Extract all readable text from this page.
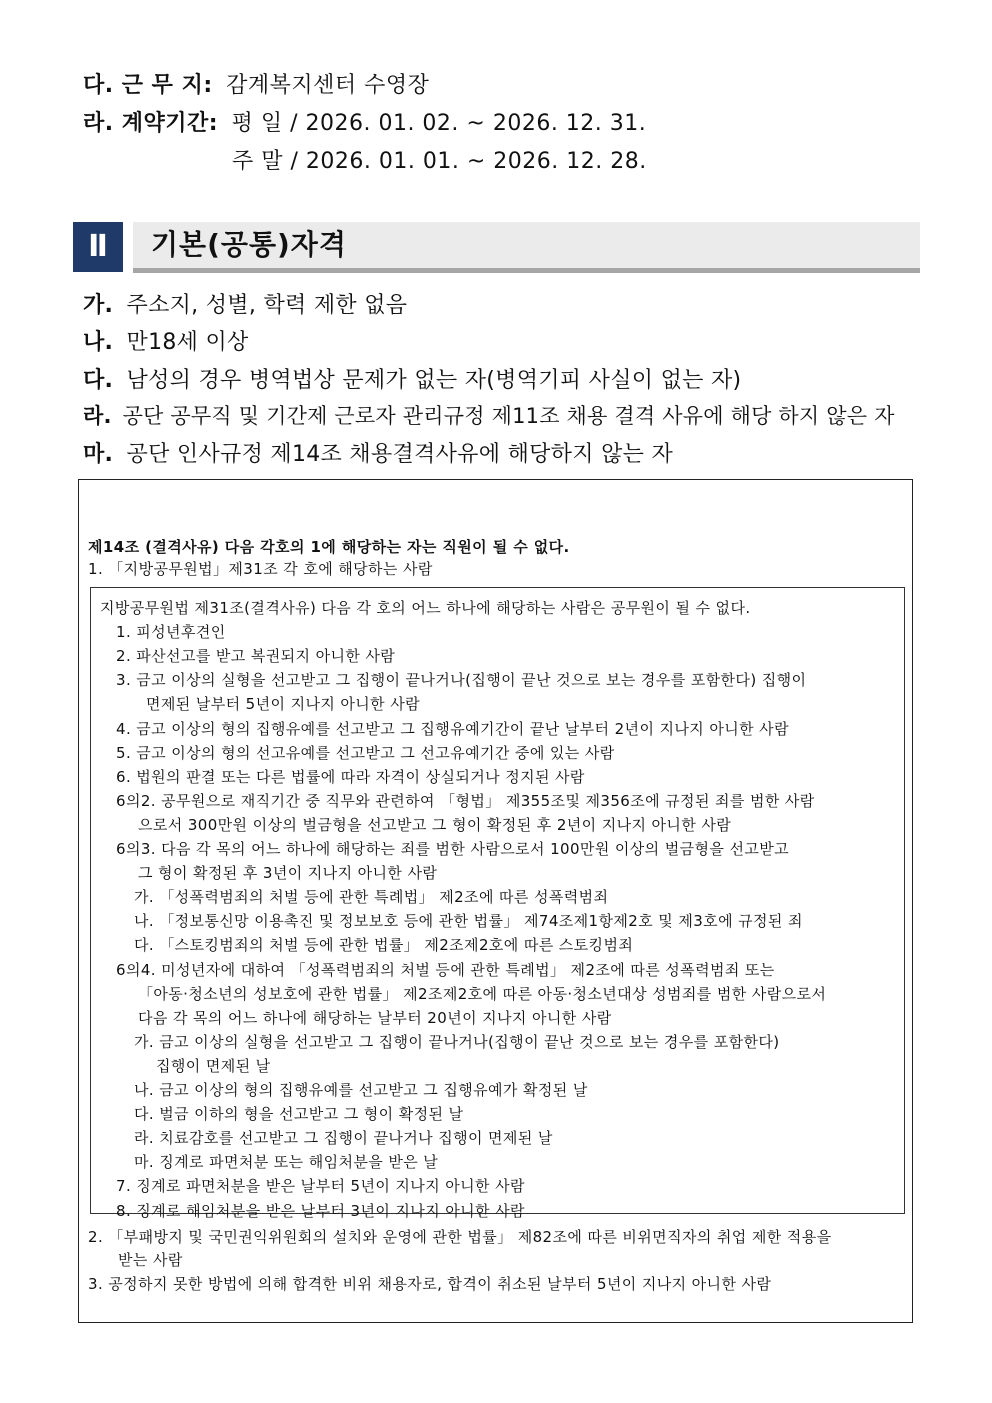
다. 근 무 지: 감계복지센터 수영장
라. 계약기간: 평 일 / 2026. 01. 02. ~ 2026. 12. 31.
주 말 / 2026. 01. 01. ~ 2026. 12. 28.
Ⅱ	기본(공통)자격
가. 주소지, 성별, 학력 제한 없음
나. 만18세 이상
다. 남성의 경우 병역법상 문제가 없는 자(병역기피 사실이 없는 자)
라. 공단 공무직 및 기간제 근로자 관리규정 제11조 채용 결격 사유에 해당 하지 않은 자
마. 공단 인사규정 제14조 채용결격사유에 해당하지 않는 자
제14조 (결격사유) 다음 각호의 1에 해당하는 자는 직원이 될 수 없다.
1. 「지방공무원법」제31조 각 호에 해당하는 사람
지방공무원법 제31조(결격사유) 다음 각 호의 어느 하나에 해당하는 사람은 공무원이 될 수 없다.
1. 피성년후견인
2. 파산선고를 받고 복권되지 아니한 사람
3. 금고 이상의 실형을 선고받고 그 집행이 끝나거나(집행이 끝난 것으로 보는 경우를 포함한다) 집행이
면제된 날부터 5년이 지나지 아니한 사람
4. 금고 이상의 형의 집행유예를 선고받고 그 집행유예기간이 끝난 날부터 2년이 지나지 아니한 사람
5. 금고 이상의 형의 선고유예를 선고받고 그 선고유예기간 중에 있는 사람
6. 법원의 판결 또는 다른 법률에 따라 자격이 상실되거나 정지된 사람
6의2. 공무원으로 재직기간 중 직무와 관련하여 「형법」 제355조및 제356조에 규정된 죄를 범한 사람
으로서 300만원 이상의 벌금형을 선고받고 그 형이 확정된 후 2년이 지나지 아니한 사람
6의3. 다음 각 목의 어느 하나에 해당하는 죄를 범한 사람으로서 100만원 이상의 벌금형을 선고받고
그 형이 확정된 후 3년이 지나지 아니한 사람
가. 「성폭력범죄의 처벌 등에 관한 특례법」 제2조에 따른 성폭력범죄
나. 「정보통신망 이용촉진 및 정보보호 등에 관한 법률」 제74조제1항제2호 및 제3호에 규정된 죄
다. 「스토킹범죄의 처벌 등에 관한 법률」 제2조제2호에 따른 스토킹범죄
6의4. 미성년자에 대하여 「성폭력범죄의 처벌 등에 관한 특례법」 제2조에 따른 성폭력범죄 또는
「아동·청소년의 성보호에 관한 법률」 제2조제2호에 따른 아동·청소년대상 성범죄를 범한 사람으로서
다음 각 목의 어느 하나에 해당하는 날부터 20년이 지나지 아니한 사람
가. 금고 이상의 실형을 선고받고 그 집행이 끝나거나(집행이 끝난 것으로 보는 경우를 포함한다)
집행이 면제된 날
나. 금고 이상의 형의 집행유예를 선고받고 그 집행유예가 확정된 날
다. 벌금 이하의 형을 선고받고 그 형이 확정된 날
라. 치료감호를 선고받고 그 집행이 끝나거나 집행이 면제된 날
마. 징계로 파면처분 또는 해임처분을 받은 날
7. 징계로 파면처분을 받은 날부터 5년이 지나지 아니한 사람
8. 징계로 해임처분을 받은 날부터 3년이 지나지 아니한 사람
2. 「부패방지 및 국민권익위원회의 설치와 운영에 관한 법률」 제82조에 따른 비위면직자의 취업 제한 적용을
받는 사람
3. 공정하지 못한 방법에 의해 합격한 비위 채용자로, 합격이 취소된 날부터 5년이 지나지 아니한 사람
